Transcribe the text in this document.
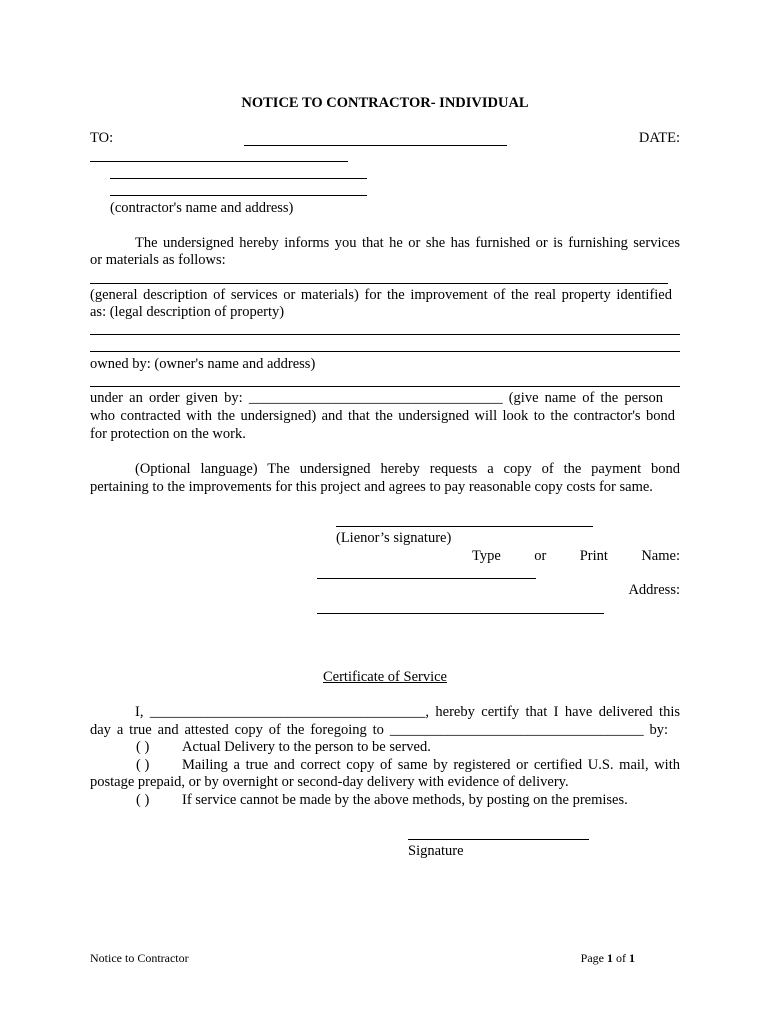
NOTICE TO CONTRACTOR- INDIVIDUAL
TO:	DATE:
(contractor's name and address)
The undersigned hereby informs you that he or she has furnished or is furnishing services
or materials as follows:
(general description of services or materials) for the improvement of the real property identified
as: (legal description of property)
owned by: (owner's name and address)
under an order given by: ___________________________________ (give name of the person
who contracted with the undersigned) and that the undersigned will look to the contractor's bond
for protection on the work.
(Optional language) The undersigned hereby requests a copy of the payment bond
pertaining to the improvements for this project and agrees to pay reasonable copy costs for same.
(Lienor’s signature)
Type or Print Name:
Address:
Certificate of Service
I, ______________________________________, hereby certify that I have delivered this
day a true and attested copy of the foregoing to ___________________________________ by:
( ) Actual Delivery to the person to be served.
( ) Mailing a true and correct copy of same by registered or certified U.S. mail, with
postage prepaid, or by overnight or second-day delivery with evidence of delivery.
( ) If service cannot be made by the above methods, by posting on the premises.
Signature
Notice to Contractor	Page 1 of 1
